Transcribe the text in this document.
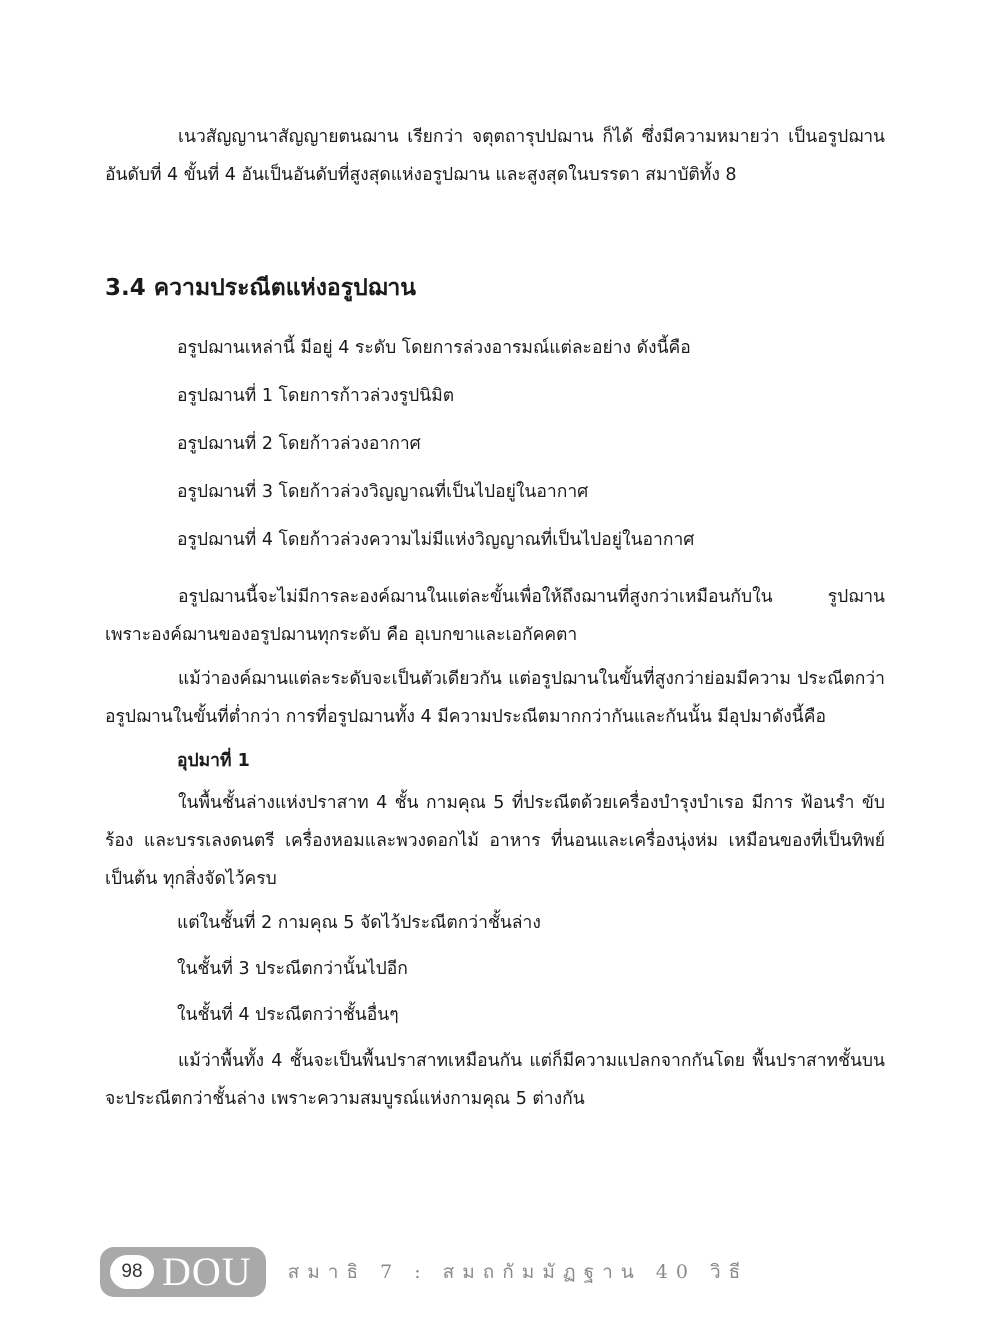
เนวสัญญานาสัญญายตนฌาน เรียกว่า จตุตถารุปปฌาน ก็ได้ ซึ่งมีความหมายว่า เป็นอรูปฌานอันดับที่ 4 ขั้นที่ 4 อันเป็นอันดับที่สูงสุดแห่งอรูปฌาน และสูงสุดในบรรดา สมาบัติทั้ง 8

3.4 ความประณีตแห่งอรูปฌาน

อรูปฌานเหล่านี้ มีอยู่ 4 ระดับ โดยการล่วงอารมณ์แต่ละอย่าง ดังนี้คือ

อรูปฌานที่ 1 โดยการก้าวล่วงรูปนิมิต

อรูปฌานที่ 2 โดยก้าวล่วงอากาศ

อรูปฌานที่ 3 โดยก้าวล่วงวิญญาณที่เป็นไปอยู่ในอากาศ

อรูปฌานที่ 4 โดยก้าวล่วงความไม่มีแห่งวิญญาณที่เป็นไปอยู่ในอากาศ

อรูปฌานนี้จะไม่มีการละองค์ฌานในแต่ละขั้นเพื่อให้ถึงฌานที่สูงกว่าเหมือนกับใน รูปฌาน เพราะองค์ฌานของอรูปฌานทุกระดับ คือ อุเบกขาและเอกัคคตา

แม้ว่าองค์ฌานแต่ละระดับจะเป็นตัวเดียวกัน แต่อรูปฌานในขั้นที่สูงกว่าย่อมมีความ ประณีตกว่าอรูปฌานในขั้นที่ต่ำกว่า การที่อรูปฌานทั้ง 4 มีความประณีตมากกว่ากันและกันนั้น มีอุปมาดังนี้คือ

อุปมาที่ 1

ในพื้นชั้นล่างแห่งปราสาท 4 ชั้น กามคุณ 5 ที่ประณีตด้วยเครื่องบำรุงบำเรอ มีการ ฟ้อนรำ ขับร้อง และบรรเลงดนตรี เครื่องหอมและพวงดอกไม้ อาหาร ที่นอนและเครื่องนุ่งห่ม เหมือนของที่เป็นทิพย์ เป็นต้น ทุกสิ่งจัดไว้ครบ

แต่ในชั้นที่ 2 กามคุณ 5 จัดไว้ประณีตกว่าชั้นล่าง

ในชั้นที่ 3 ประณีตกว่านั้นไปอีก

ในชั้นที่ 4 ประณีตกว่าชั้นอื่นๆ

แม้ว่าพื้นทั้ง 4 ชั้นจะเป็นพื้นปราสาทเหมือนกัน แต่ก็มีความแปลกจากกันโดย พื้นปราสาทชั้นบนจะประณีตกว่าชั้นล่าง เพราะความสมบูรณ์แห่งกามคุณ 5 ต่างกัน

98 DOU สมาธิ 7 : สมถกัมมัฏฐาน 40 วิธี
